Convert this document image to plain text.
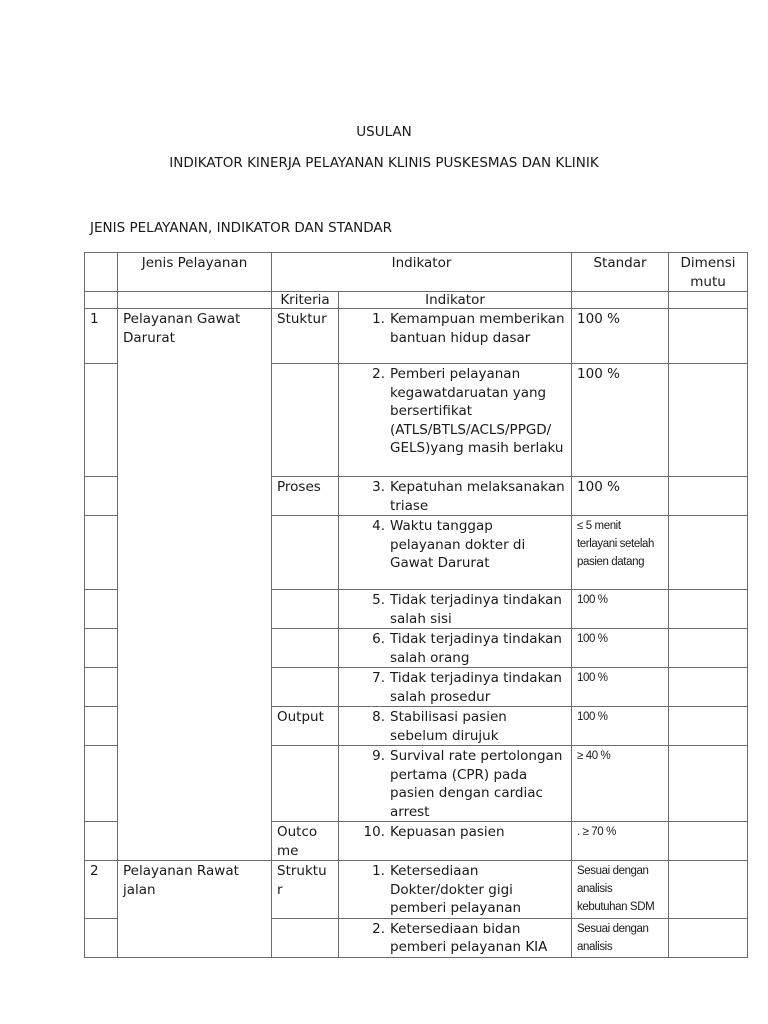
USULAN
INDIKATOR KINERJA PELAYANAN KLINIS PUSKESMAS DAN KLINIK
JENIS PELAYANAN, INDIKATOR DAN STANDAR
	Jenis Pelayanan	Indikator		Standar	Dimensi
mutu
		Kriteria	Indikator		
1	Pelayanan Gawat Darurat	Stuktur	1. Kemampuan memberikan bantuan hidup dasar	100 %	

			2. Pemberi pelayanan kegawatdaruatan yang bersertifikat (ATLS/BTLS/ACLS/PPGD/ GELS)yang masih berlaku	100 %	
		Proses	3. Kepatuhan melaksanakan triase	100 %	

			4. Waktu tanggap pelayanan dokter di Gawat Darurat	≤ 5 menit terlayani setelah pasien datang	

			5. Tidak terjadinya tindakan salah sisi	100 %	

			6. Tidak terjadinya tindakan salah orang	100 %	

			7. Tidak terjadinya tindakan salah prosedur	100 %	
		Output	8. Stabilisasi pasien sebelum dirujuk	100 %	

			9. Survival rate pertolongan pertama (CPR) pada pasien dengan cardiac arrest	≥ 40 %	
		Outco me	10. Kepuasan pasien	. ≥ 70 %	
2	Pelayanan Rawat jalan	Struktu r	1. Ketersediaan Dokter/dokter gigi pemberi pelayanan	Sesuai dengan analisis kebutuhan SDM	

			2. Ketersediaan bidan pemberi pelayanan KIA	Sesuai dengan analisis	
